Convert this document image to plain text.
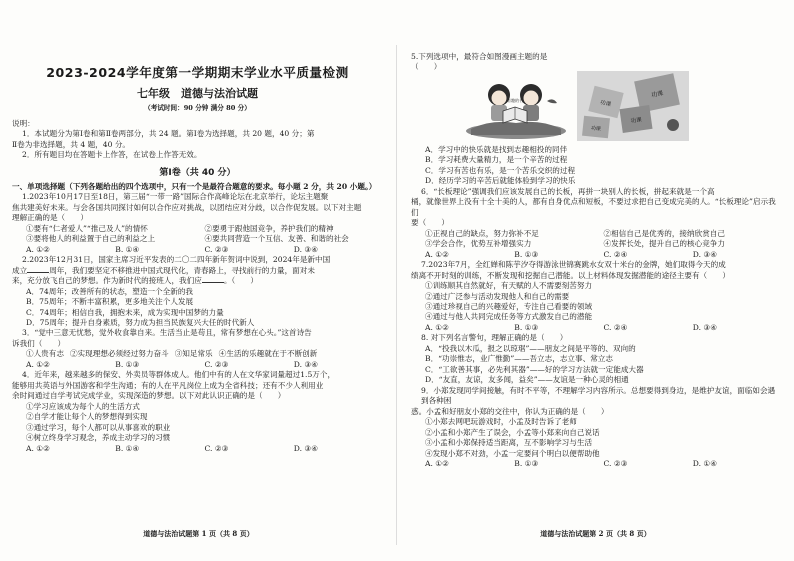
2023-2024学年度第一学期期末学业水平质量检测

七年级　道德与法治试题

（考试时间：90 分钟 满分 80 分）

说明：

1．本试题分为第Ⅰ卷和第Ⅱ卷两部分，共 24 题。第Ⅰ卷为选择题，共 20 题，40 分；第

Ⅱ卷为非选择题，共 4 题，40 分。

2．所有题目均在答题卡上作答，在试卷上作答无效。

第Ⅰ卷（共 40 分）

一、单项选择题（下列各题给出的四个选项中，只有一个是最符合题意的要求。每小题 2 分，共 20 小题。）

1.2023年10月17日至18日，第三届“一带一路”国际合作高峰论坛在北京举行，论坛主题聚

焦共建美好未来。与会各国共同探讨如何以合作应对挑战，以团结应对分歧，以合作促发展。以下对主题

理解正确的是（　　）

①要有“仁者爱人”“推己及人”的情怀	②要勇于跟他国竞争，养护我们的精神
③要将他人的利益置于自己的利益之上	④要共同营造一个互信、友善、和谐的社会
A. ①②	B. ①④	C. ②③	D. ③④

2.2023年12月31日，国家主席习近平发表的二〇二四年新年贺词中说到，2024年是新中国

成立	周年，我们要坚定不移推进中国式现代化，青春路上，寻找前行的力量，面对未

来，充分放飞自己的梦想。作为新时代的接班人，我们应	。（　　）

A．74周年；改善所有的状态，塑造一个全新的我

B．75周年；不断丰富积累，更多地关注个人发展

C．74周年；相信自我，拥抱未来，成为实现中国梦的力量

D．75周年；提升自身素质，努力成为担当民族复兴大任的时代新人

3．“觉中三意无忧愁，觉外收食靠自来。生活当止是苟且，常有梦想在心头。”这首诗告

诉我们（　　）

①人贵有志 ②实现理想必须经过努力奋斗 ③知足常乐 ④生活的乐趣就在于不断创新
A. ①②	B. ①③	C. ②③	D. ③④

4．近年来，越来越多的保安、外卖员等群体成人。他们中有的人在文华家词量超过1.5万个，

能够用共英语与外国游客和学生沟通；有的人在平凡岗位上成为全省科技；还有不少人利用业

余时间通过自学考试完成学业，实现深造的梦想。以下对此认识正确的是（　　）

①学习应该成为每个人的生活方式

②自学才能让每个人的梦想得到实现

③通过学习，每个人都可以从事喜欢的职业

④树立终身学习观念，养成主动学习的习惯

A. ①②	B. ①④	C. ②③	D. ③④
道德与法治试题第 1 页（共 8 页）

5.下列选项中，最符合如图漫画主题的是（　　）

有趣的书
功课
功课
功课
功课

A．学习中的快乐就是找到志趣相投的同伴

B．学习耗费大量精力，是一个辛苦的过程

C．学习有苦也有乐，是一个苦乐交织的过程

D．经历学习的辛苦后就能体验到学习的快乐

6．“长板理论”强调我们应该发展自己的长板，再拼一块别人的长板，拼起来就是一个高

桶，就像世界上没有十全十美的人，都有自身优点和短板，不要过求把自己变成完美的人。“长板理论”启示我们

要（　　）

①正视自己的缺点，努力弥补不足	②相信自己是优秀的，接纳欣赏自己
③学会合作，优势互补增强实力	④发挥长处，提升自己的核心竞争力
A. ①②	B. ①③	C. ②④	D. ③④

7.2023年7月，全红婵和陈芋汐夺得游泳世锦赛跳水女双十米台的金牌，她们取得今天的成

绩离不开时刻的训练，不断发现和挖掘自己潜能。以上材料体现发掘潜能的途径主要有（　　）

①训练顺其自然就好，有天赋的人不需要刻苦努力

②通过广泛参与活动发现他人和自己的需要

③通过珍视自己的兴趣爱好，专注自己看要的领域

④通过与他人共同完成任务等方式激发自己的潜能

A. ①②	B. ①③	C. ②④	D. ③④

8. 对下列名言警句，理解正确的是（　　）

A．“投我以木瓜，报之以琼琚”——朋友之间是平等的、双向的

B．“功崇惟志，业广惟勤”——吾立志，志立事、常立志

C．“工欲善其事，必先利其器”——好的学习方法就一定能成大器

D．“友直，友谅，友多闻，益矣”——友谊是一种心灵的相通

9．小郑发现同学间接触，有时不平等，不理解学习内容所示。总想要得到身边，是维护友谊，面临如会遇到各种困

惑。小孟和好朋友小郑的交往中，你认为正确的是（　　）

①小郑去网吧玩游戏时，小孟及时告诉了老师

②小孟和小郑产生了误会，小孟等小郑来向自己说话

③小孟和小郑保持适当距离，互不影响学习与生活

④发现小郑不对劲，小孟一定要问个明白以便帮助他

A. ①②	B. ①③	C. ②③	D. ①④
道德与法治试题第 2 页（共 8 页）
